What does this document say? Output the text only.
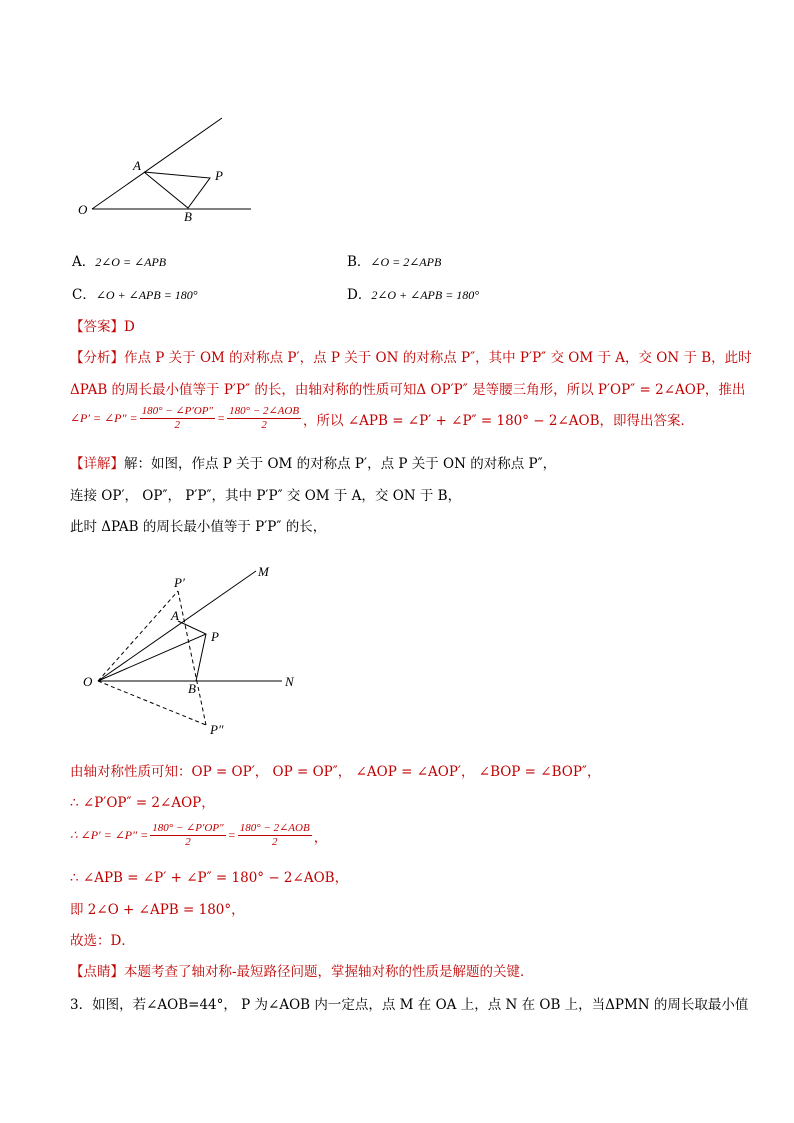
O
A
P
B
A．2∠O = ∠APB	B．∠O = 2∠APB
C．∠O + ∠APB = 180°	D．2∠O + ∠APB = 180°
【答案】D
【分析】作点 P 关于 OM 的对称点 P′，点 P 关于 ON 的对称点 P″，其中 P′P″ 交 OM 于 A，交 ON 于 B，此时
ΔPAB 的周长最小值等于 P′P″ 的长，由轴对称的性质可知Δ OP′P″ 是等腰三角形，所以 P′OP″ = 2∠AOP，推出
∠P′ = ∠P″ = $\frac{180^\circ - \angle P'OP''}{2} = \frac{\text{180° − 2∠AOB}}{2}$ ，所以 ∠APB = ∠P′ + ∠P″ = 180° − 2∠AOB，即得出答案．
【详解】解：如图，作点 P 关于 OM 的对称点 P′，点 P 关于 ON 的对称点 P″，
连接 OP′， OP″， P′P″，其中 P′P″ 交 OM 于 A，交 ON 于 B，
此时 ΔPAB 的周长最小值等于 P′P″ 的长，
O
M
N
A
P
B
P′
P″
由轴对称性质可知：OP = OP′， OP = OP″， ∠AOP = ∠AOP′， ∠BOP = ∠BOP″，
∴ ∠P′OP″ = 2∠AOP，
∴ ∠P′ = ∠P″ = $\frac{180^\circ - \angle P'OP''}{2} = \frac{\text{180° − 2∠AOB}}{2}$ ，
∴ ∠APB = ∠P′ + ∠P″ = 180° − 2∠AOB，
即 2∠O + ∠APB = 180°，
故选：D．
【点睛】本题考查了轴对称-最短路径问题，掌握轴对称的性质是解题的关键．
3．如图，若∠AOB=44°， P 为∠AOB 内一定点，点 M 在 OA 上，点 N 在 OB 上，当ΔPMN 的周长取最小值
